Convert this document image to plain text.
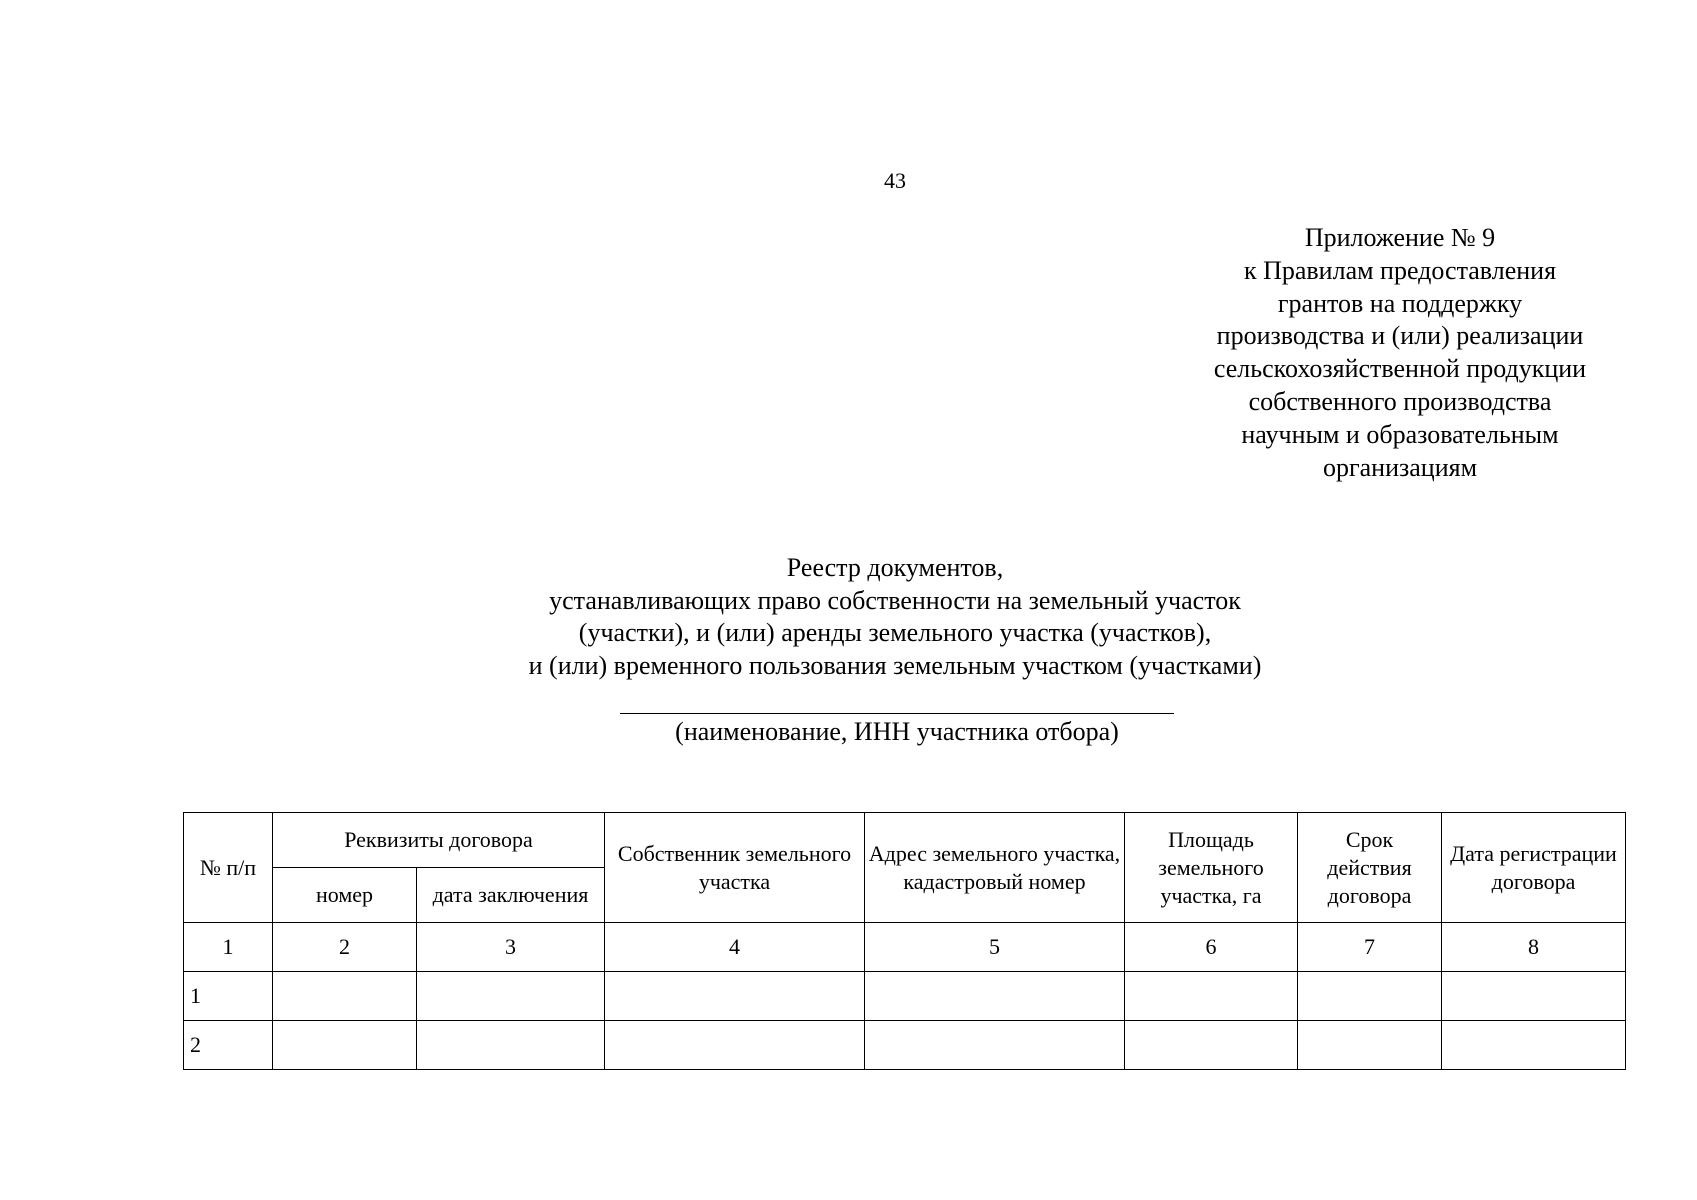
43
Приложение № 9
к Правилам предоставления
грантов на поддержку
производства и (или) реализации
сельскохозяйственной продукции
собственного производства
научным и образовательным
организациям
Реестр документов,
устанавливающих право собственности на земельный участок
(участки), и (или) аренды земельного участка (участков),
и (или) временного пользования земельным участком (участками)
(наименование, ИНН участника отбора)
№ п/п	Реквизиты договора		Собственник земельного участка	Адрес земельного участка, кадастровый номер	Площадь земельного участка, га	Срок действия договора	Дата регистрации договора
	номер	дата заключения					
1	2	3	4	5	6	7	8
1							
2							
